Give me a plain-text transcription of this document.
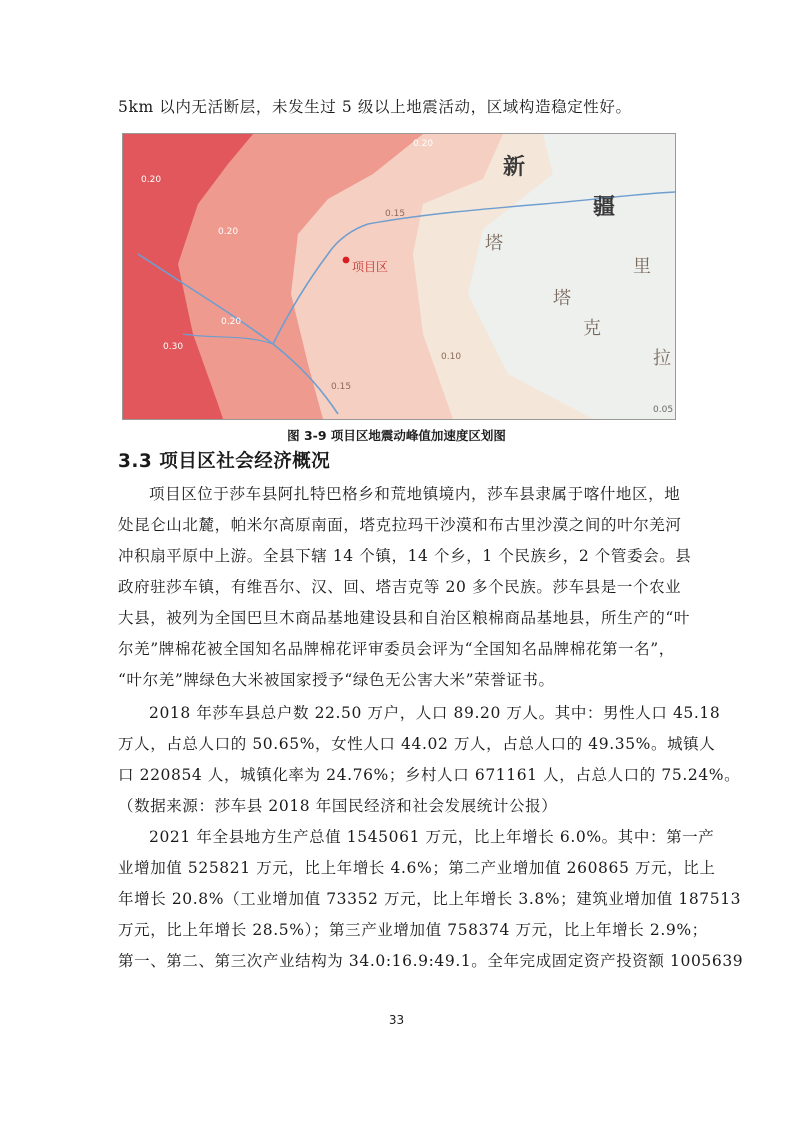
5km 以内无活断层，未发生过 5 级以上地震活动，区域构造稳定性好。
项目区
新
疆
塔
里
塔
克
拉
0.20
0.20
0.15
0.20
0.15
0.10
0.05
0.30
0.20
图 3-9 项目区地震动峰值加速度区划图
3.3 项目区社会经济概况
项目区位于莎车县阿扎特巴格乡和荒地镇境内，莎车县隶属于喀什地区，地
处昆仑山北麓，帕米尔高原南面，塔克拉玛干沙漠和布古里沙漠之间的叶尔羌河
冲积扇平原中上游。全县下辖 14 个镇，14 个乡，1 个民族乡，2 个管委会。县
政府驻莎车镇，有维吾尔、汉、回、塔吉克等 20 多个民族。莎车县是一个农业
大县，被列为全国巴旦木商品基地建设县和自治区粮棉商品基地县，所生产的“叶
尔羌”牌棉花被全国知名品牌棉花评审委员会评为“全国知名品牌棉花第一名”，
“叶尔羌”牌绿色大米被国家授予“绿色无公害大米”荣誉证书。
2018 年莎车县总户数 22.50 万户，人口 89.20 万人。其中：男性人口 45.18
万人，占总人口的 50.65%，女性人口 44.02 万人，占总人口的 49.35%。城镇人
口 220854 人，城镇化率为 24.76%；乡村人口 671161 人，占总人口的 75.24%。
（数据来源：莎车县 2018 年国民经济和社会发展统计公报）
2021 年全县地方生产总值 1545061 万元，比上年增长 6.0%。其中：第一产
业增加值 525821 万元，比上年增长 4.6%；第二产业增加值 260865 万元，比上
年增长 20.8%（工业增加值 73352 万元，比上年增长 3.8%；建筑业增加值 187513
万元，比上年增长 28.5%）；第三产业增加值 758374 万元，比上年增长 2.9%；
第一、第二、第三次产业结构为 34.0:16.9:49.1。全年完成固定资产投资额 1005639
33
